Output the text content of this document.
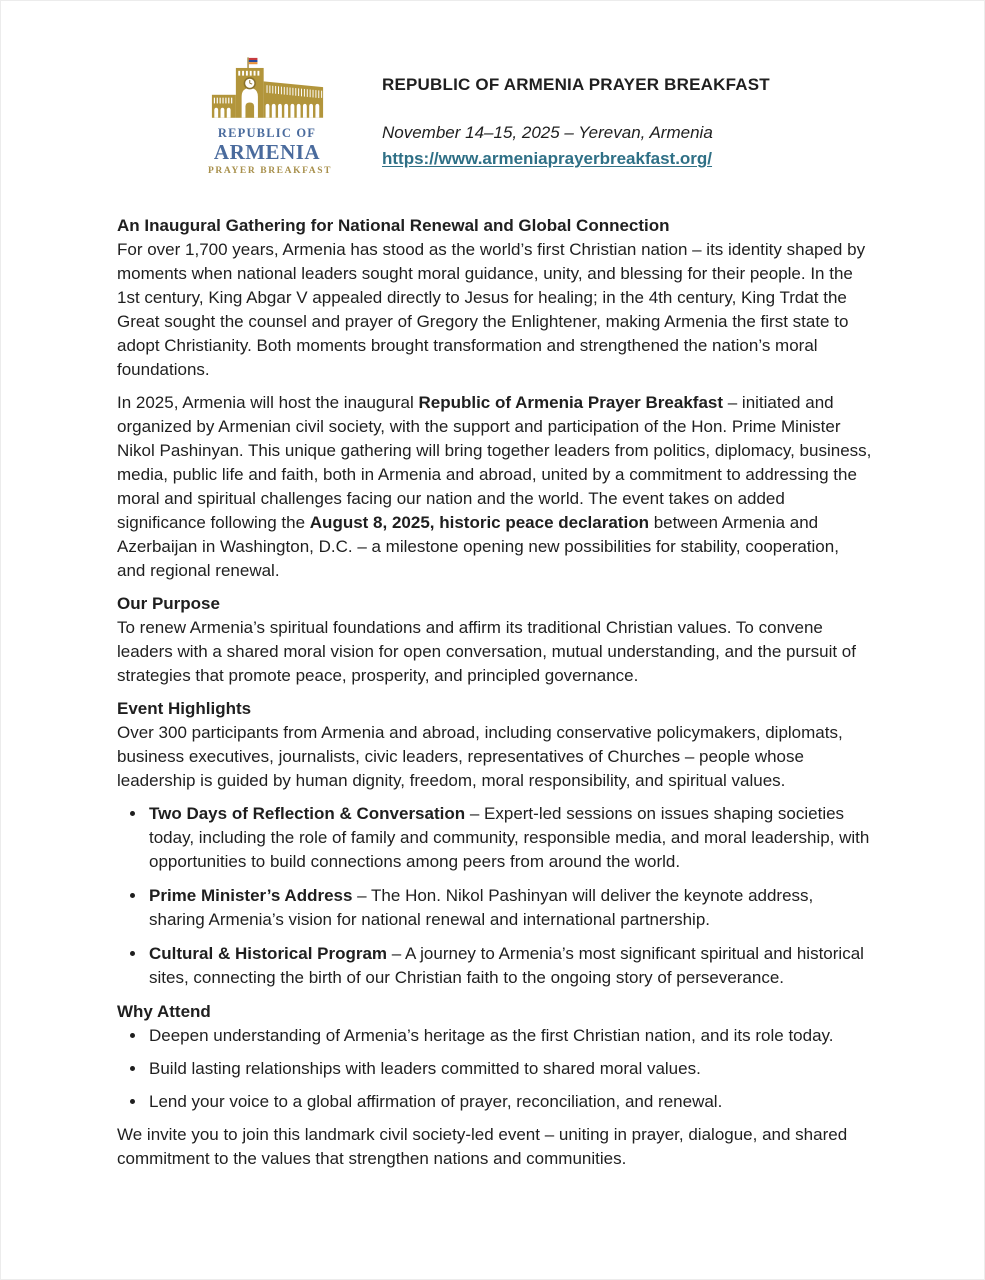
REPUBLIC OF
ARMENIA
PRAYER BREAKFAST
REPUBLIC OF ARMENIA PRAYER BREAKFAST
November 14–15, 2025 – Yerevan, Armenia
https://www.armeniaprayerbreakfast.org/
An Inaugural Gathering for National Renewal and Global Connection

For over 1,700 years, Armenia has stood as the world’s first Christian nation – its identity shaped by moments when national leaders sought moral guidance, unity, and blessing for their people. In the 1st century, King Abgar V appealed directly to Jesus for healing; in the 4th century, King Trdat the Great sought the counsel and prayer of Gregory the Enlightener, making Armenia the first state to adopt Christianity. Both moments brought transformation and strengthened the nation’s moral foundations.

In 2025, Armenia will host the inaugural Republic of Armenia Prayer Breakfast – initiated and organized by Armenian civil society, with the support and participation of the Hon. Prime Minister Nikol Pashinyan. This unique gathering will bring together leaders from politics, diplomacy, business, media, public life and faith, both in Armenia and abroad, united by a commitment to addressing the moral and spiritual challenges facing our nation and the world. The event takes on added significance following the August 8, 2025, historic peace declaration between Armenia and Azerbaijan in Washington, D.C. – a milestone opening new possibilities for stability, cooperation, and regional renewal.

Our Purpose

To renew Armenia’s spiritual foundations and affirm its traditional Christian values. To convene leaders with a shared moral vision for open conversation, mutual understanding, and the pursuit of strategies that promote peace, prosperity, and principled governance.

Event Highlights

Over 300 participants from Armenia and abroad, including conservative policymakers, diplomats, business executives, journalists, civic leaders, representatives of Churches – people whose leadership is guided by human dignity, freedom, moral responsibility, and spiritual values.

• Two Days of Reflection & Conversation – Expert-led sessions on issues shaping societies today, including the role of family and community, responsible media, and moral leadership, with opportunities to build connections among peers from around the world.
• Prime Minister’s Address – The Hon. Nikol Pashinyan will deliver the keynote address, sharing Armenia’s vision for national renewal and international partnership.
• Cultural & Historical Program – A journey to Armenia’s most significant spiritual and historical sites, connecting the birth of our Christian faith to the ongoing story of perseverance.
Why Attend
• Deepen understanding of Armenia’s heritage as the first Christian nation, and its role today.
• Build lasting relationships with leaders committed to shared moral values.
• Lend your voice to a global affirmation of prayer, reconciliation, and renewal.

We invite you to join this landmark civil society-led event – uniting in prayer, dialogue, and shared commitment to the values that strengthen nations and communities.
